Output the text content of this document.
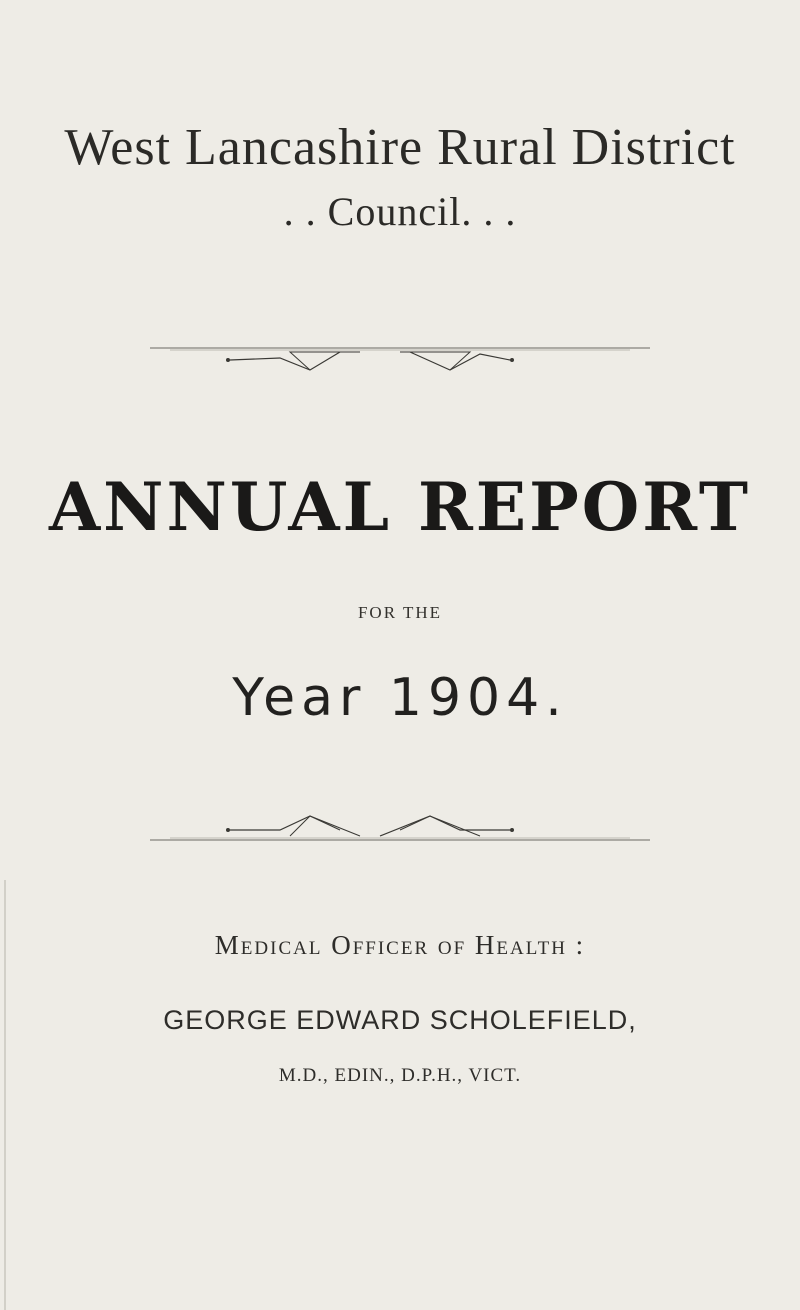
West Lancashire Rural District
. . Council. . .
ANNUAL REPORT
FOR THE
Year 1904.
Medical Officer of Health :
GEORGE EDWARD SCHOLEFIELD,
M.D., EDIN., D.P.H., VICT.
